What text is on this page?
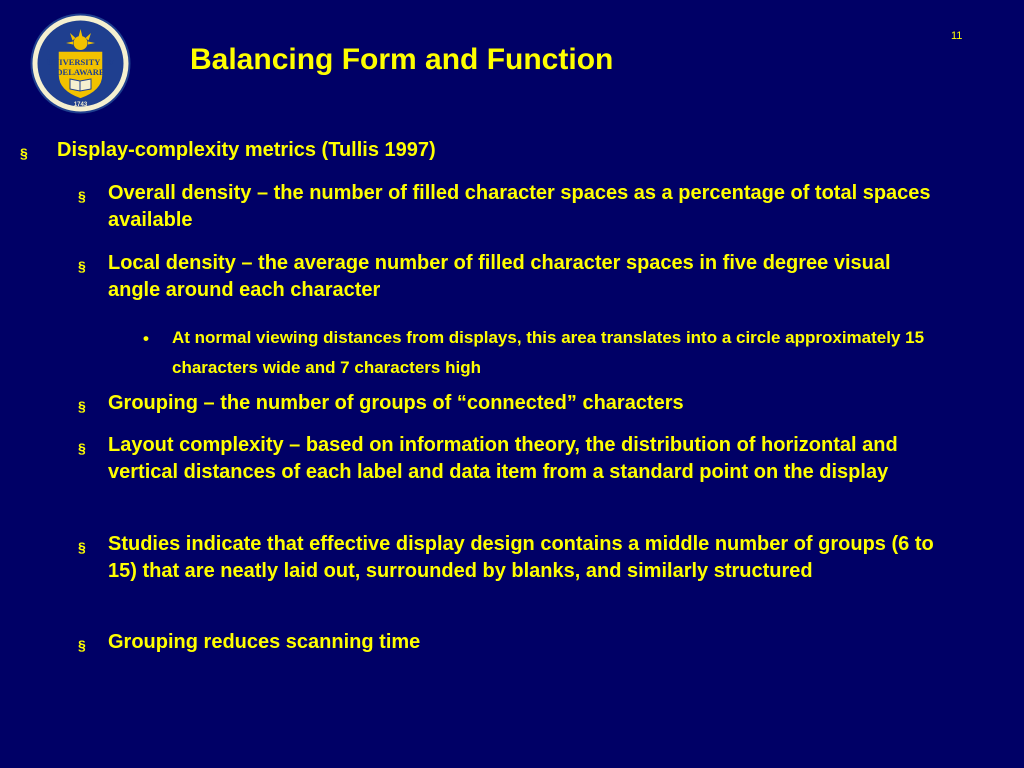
UNIVERSITY OF
DELAWARE
1743
Balancing Form and Function
11
§ Display-complexity metrics (Tullis 1997)
§ Overall density – the number of filled character spaces as a percentage of total spaces available
§ Local density – the average number of filled character spaces in five degree visual angle around each character
• At normal viewing distances from displays, this area translates into a circle approximately 15 characters wide and 7 characters high
§ Grouping – the number of groups of “connected” characters
§ Layout complexity – based on information theory, the distribution of horizontal and vertical distances of each label and data item from a standard point on the display
§ Studies indicate that effective display design contains a middle number of groups (6 to 15) that are neatly laid out, surrounded by blanks, and similarly structured
§ Grouping reduces scanning time
